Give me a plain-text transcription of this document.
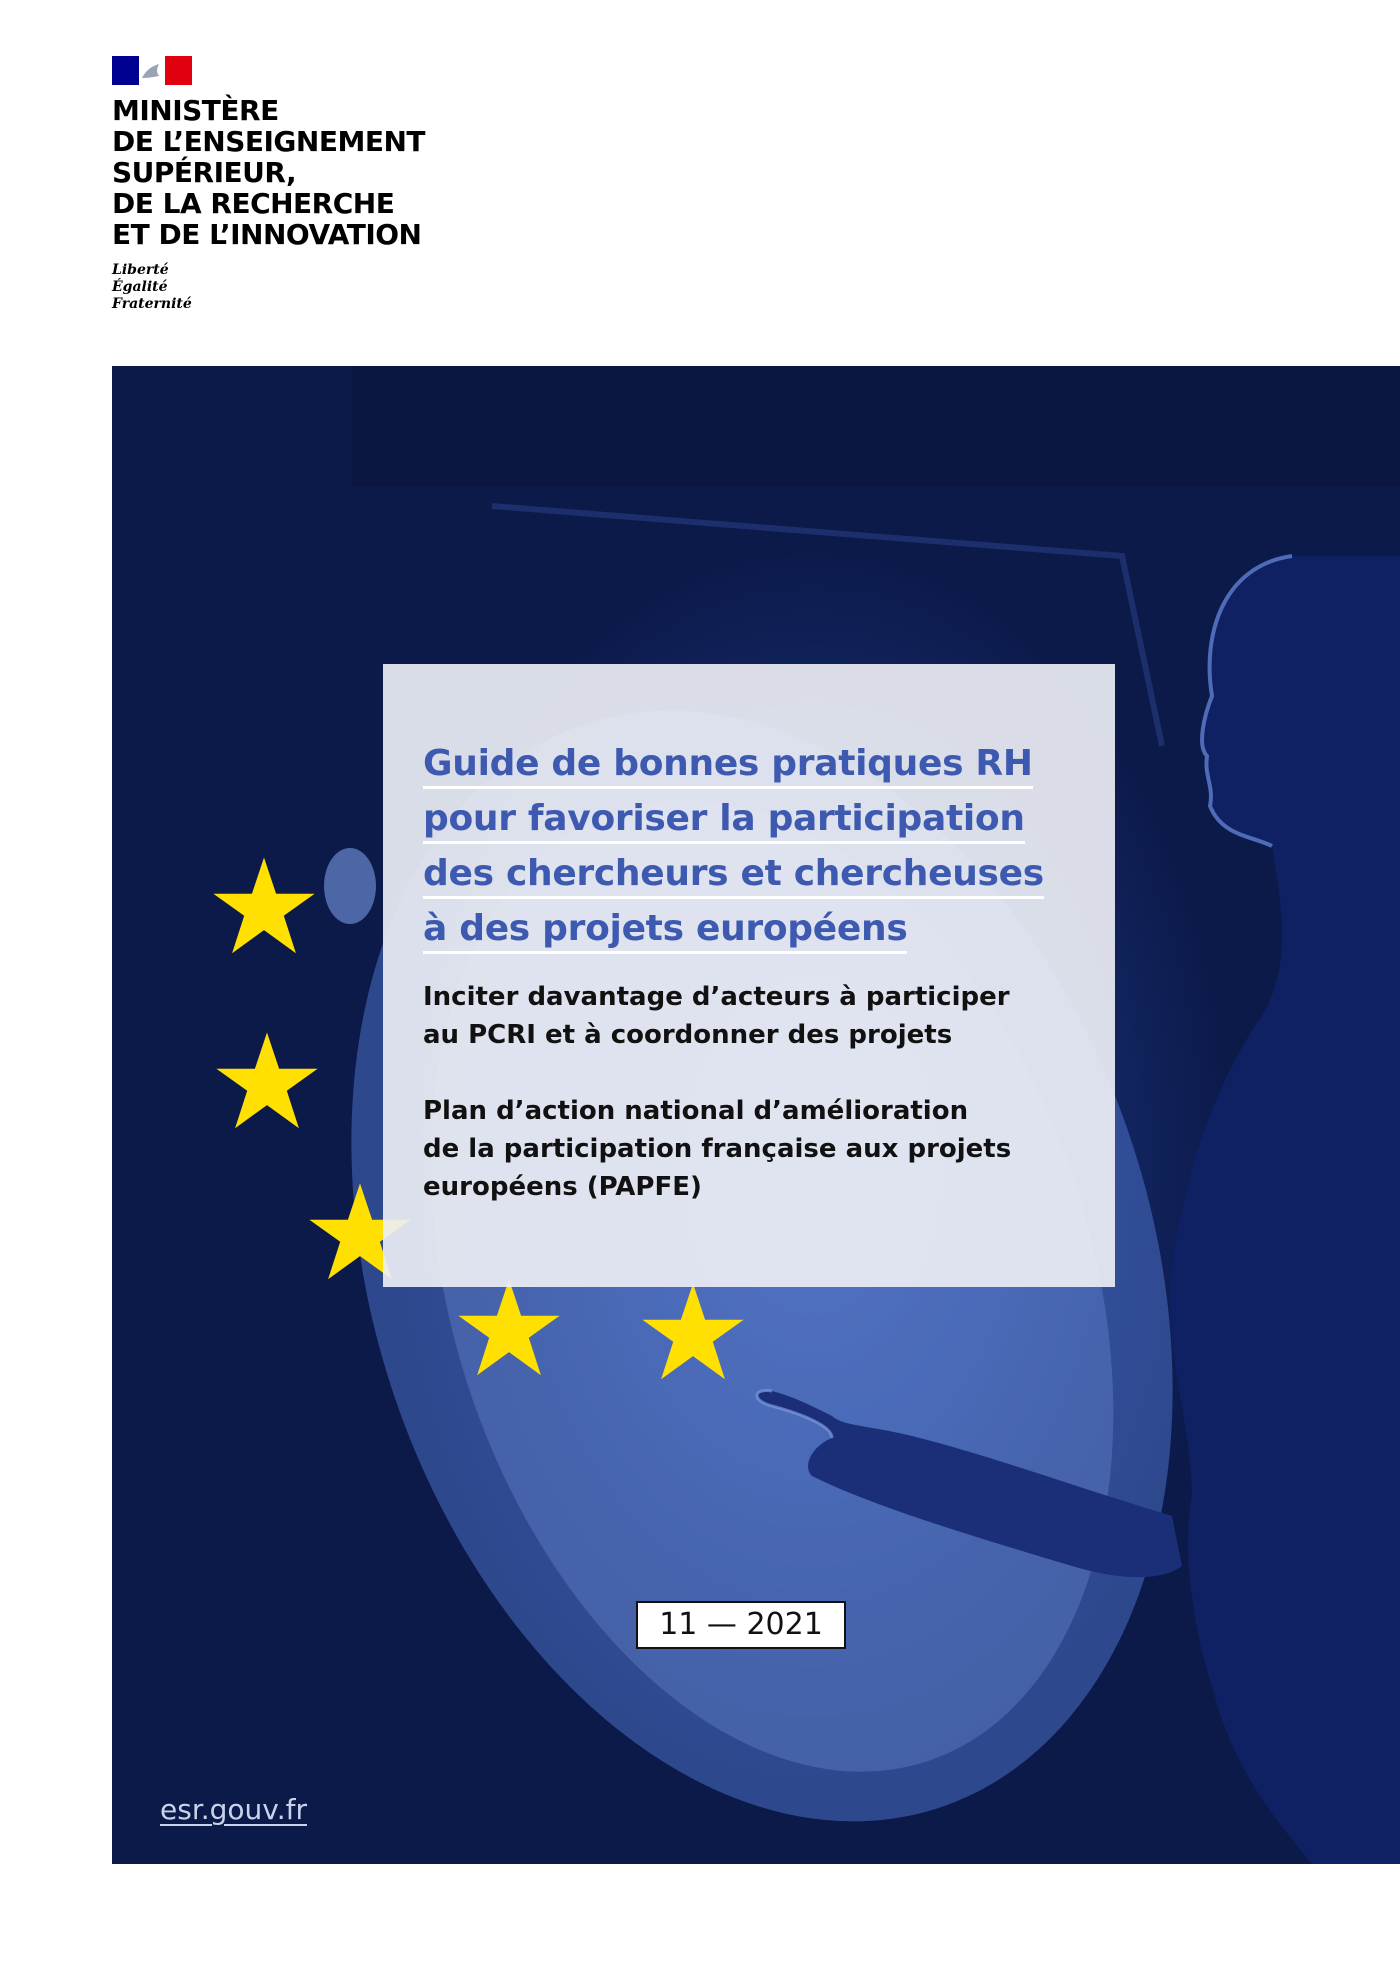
MINISTÈRE
DE L’ENSEIGNEMENT
SUPÉRIEUR,
DE LA RECHERCHE
ET DE L’INNOVATION
Liberté
Égalité
Fraternité
Guide de bonnes pratiques RH
pour favoriser la participation
des chercheurs et chercheuses
à des projets européens
Inciter davantage d’acteurs à participer
au PCRI et à coordonner des projets
Plan d’action national d’amélioration
de la participation française aux projets
européens (PAPFE)
11 — 2021
esr.gouv.fr
